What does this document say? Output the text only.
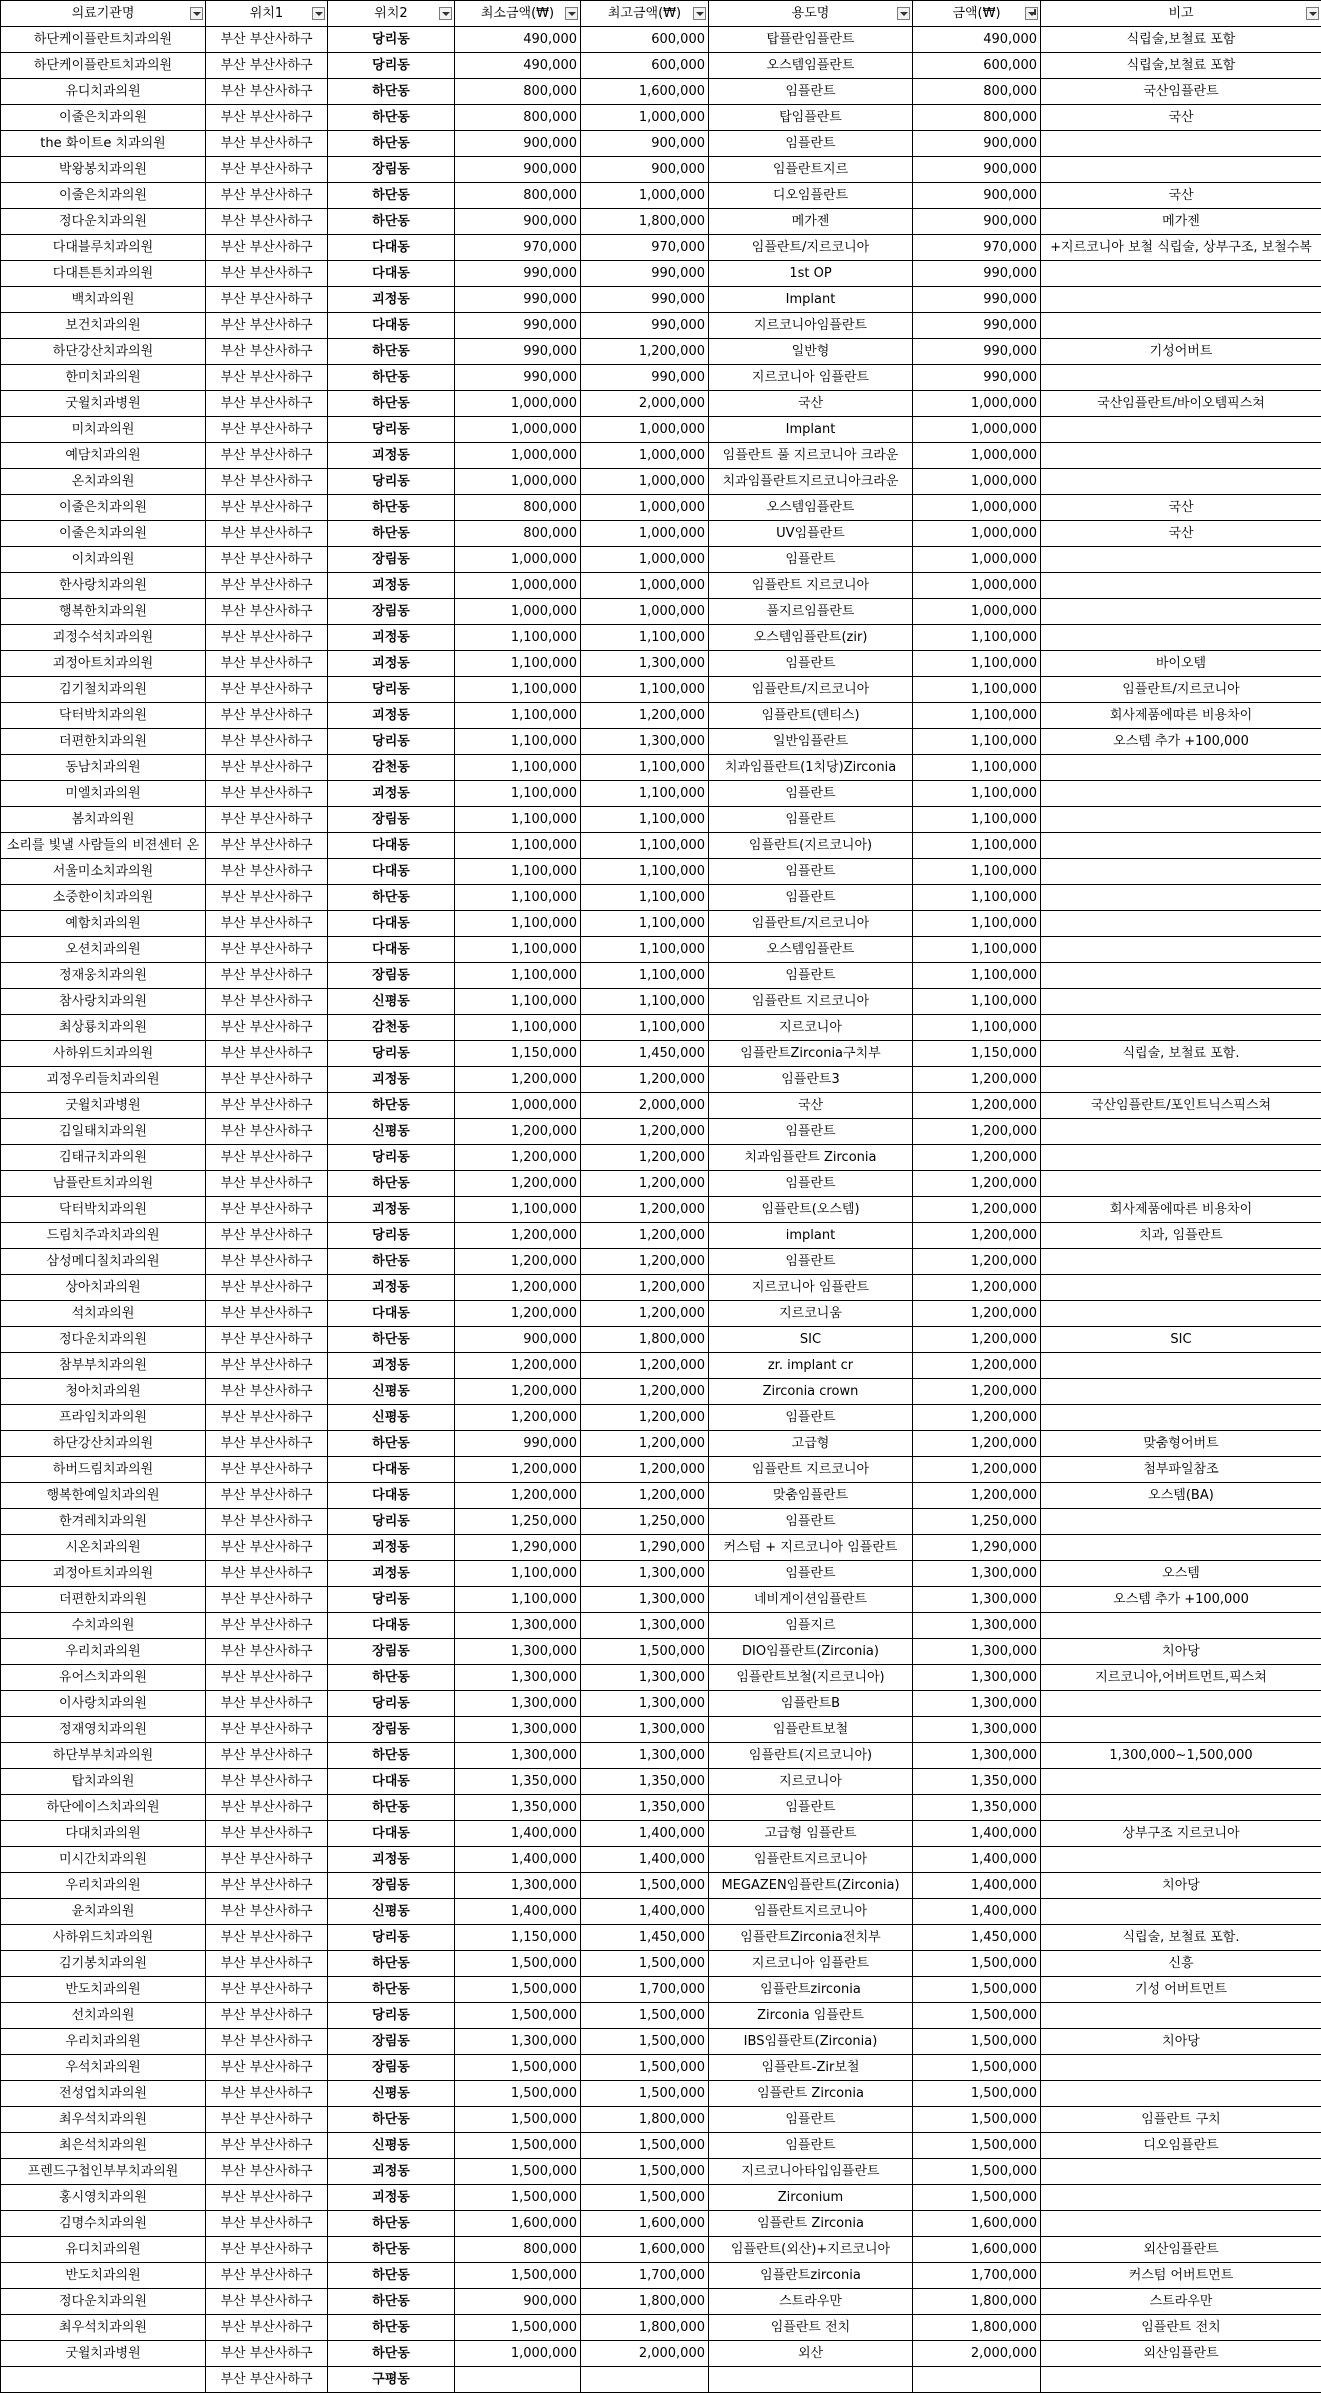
의료기관명	위치1	위치2	최소금액(₩)	최고금액(₩)	용도명	금액(₩)	비고

하단케이플란트치과의원	부산 부산사하구	당리동	490,000	600,000	탑플란임플란트	490,000	식립술,보철료 포함
하단케이플란트치과의원	부산 부산사하구	당리동	490,000	600,000	오스템임플란트	600,000	식립술,보철료 포함
유디치과의원	부산 부산사하구	하단동	800,000	1,600,000	임플란트	800,000	국산임플란트
이줄은치과의원	부산 부산사하구	하단동	800,000	1,000,000	탑임플란트	800,000	국산
the 화이트e 치과의원	부산 부산사하구	하단동	900,000	900,000	임플란트	900,000	
박왕봉치과의원	부산 부산사하구	장림동	900,000	900,000	임플란트지르	900,000	
이줄은치과의원	부산 부산사하구	하단동	800,000	1,000,000	디오임플란트	900,000	국산
정다운치과의원	부산 부산사하구	하단동	900,000	1,800,000	메가젠	900,000	메가젠
다대블루치과의원	부산 부산사하구	다대동	970,000	970,000	임플란트/지르코니아	970,000	+지르코니아 보철 식립술, 상부구조, 보철수복
다대튼튼치과의원	부산 부산사하구	다대동	990,000	990,000	1st OP	990,000	
백치과의원	부산 부산사하구	괴정동	990,000	990,000	Implant	990,000	
보건치과의원	부산 부산사하구	다대동	990,000	990,000	지르코니아임플란트	990,000	
하단강산치과의원	부산 부산사하구	하단동	990,000	1,200,000	일반형	990,000	기성어버트
한미치과의원	부산 부산사하구	하단동	990,000	990,000	지르코니아 임플란트	990,000	
굿윌치과병원	부산 부산사하구	하단동	1,000,000	2,000,000	국산	1,000,000	국산임플란트/바이오템픽스쳐
미치과의원	부산 부산사하구	당리동	1,000,000	1,000,000	Implant	1,000,000	
예담치과의원	부산 부산사하구	괴정동	1,000,000	1,000,000	임플란트 풀 지르코니아 크라운	1,000,000	
온치과의원	부산 부산사하구	당리동	1,000,000	1,000,000	치과임플란트지르코니아크라운	1,000,000	
이줄은치과의원	부산 부산사하구	하단동	800,000	1,000,000	오스템임플란트	1,000,000	국산
이줄은치과의원	부산 부산사하구	하단동	800,000	1,000,000	UV임플란트	1,000,000	국산
이치과의원	부산 부산사하구	장림동	1,000,000	1,000,000	임플란트	1,000,000	
한사랑치과의원	부산 부산사하구	괴정동	1,000,000	1,000,000	임플란트 지르코니아	1,000,000	
행복한치과의원	부산 부산사하구	장림동	1,000,000	1,000,000	풀지르임플란트	1,000,000	
괴정수석치과의원	부산 부산사하구	괴정동	1,100,000	1,100,000	오스템임플란트(zir)	1,100,000	
괴정아트치과의원	부산 부산사하구	괴정동	1,100,000	1,300,000	임플란트	1,100,000	바이오템
김기철치과의원	부산 부산사하구	당리동	1,100,000	1,100,000	임플란트/지르코니아	1,100,000	임플란트/지르코니아
닥터박치과의원	부산 부산사하구	괴정동	1,100,000	1,200,000	임플란트(덴티스)	1,100,000	회사제품에따른 비용차이
더편한치과의원	부산 부산사하구	당리동	1,100,000	1,300,000	일반임플란트	1,100,000	오스템 추가 +100,000
동남치과의원	부산 부산사하구	감천동	1,100,000	1,100,000	치과임플란트(1치당)Zirconia	1,100,000	
미엘치과의원	부산 부산사하구	괴정동	1,100,000	1,100,000	임플란트	1,100,000	
봄치과의원	부산 부산사하구	장림동	1,100,000	1,100,000	임플란트	1,100,000	
소리를 빛낼 사람들의 비젼센터 온	부산 부산사하구	다대동	1,100,000	1,100,000	임플란트(지르코니아)	1,100,000	
서울미소치과의원	부산 부산사하구	다대동	1,100,000	1,100,000	임플란트	1,100,000	
소중한이치과의원	부산 부산사하구	하단동	1,100,000	1,100,000	임플란트	1,100,000	
예함치과의원	부산 부산사하구	다대동	1,100,000	1,100,000	임플란트/지르코니아	1,100,000	
오션치과의원	부산 부산사하구	다대동	1,100,000	1,100,000	오스템임플란트	1,100,000	
정재웅치과의원	부산 부산사하구	장림동	1,100,000	1,100,000	임플란트	1,100,000	
참사랑치과의원	부산 부산사하구	신평동	1,100,000	1,100,000	임플란트 지르코니아	1,100,000	
최상룡치과의원	부산 부산사하구	감천동	1,100,000	1,100,000	지르코니아	1,100,000	
사하위드치과의원	부산 부산사하구	당리동	1,150,000	1,450,000	임플란트Zirconia구치부	1,150,000	식립술, 보철료 포함.
괴정우리들치과의원	부산 부산사하구	괴정동	1,200,000	1,200,000	임플란트3	1,200,000	
굿윌치과병원	부산 부산사하구	하단동	1,000,000	2,000,000	국산	1,200,000	국산임플란트/포인트닉스픽스쳐
김일태치과의원	부산 부산사하구	신평동	1,200,000	1,200,000	임플란트	1,200,000	
김태규치과의원	부산 부산사하구	당리동	1,200,000	1,200,000	치과임플란트 Zirconia	1,200,000	
남플란트치과의원	부산 부산사하구	하단동	1,200,000	1,200,000	임플란트	1,200,000	
닥터박치과의원	부산 부산사하구	괴정동	1,100,000	1,200,000	임플란트(오스템)	1,200,000	회사제품에따른 비용차이
드림치주과치과의원	부산 부산사하구	당리동	1,200,000	1,200,000	implant	1,200,000	치과, 임플란트
삼성메디칠치과의원	부산 부산사하구	하단동	1,200,000	1,200,000	임플란트	1,200,000	
상아치과의원	부산 부산사하구	괴정동	1,200,000	1,200,000	지르코니아 임플란트	1,200,000	
석치과의원	부산 부산사하구	다대동	1,200,000	1,200,000	지르코니움	1,200,000	
정다운치과의원	부산 부산사하구	하단동	900,000	1,800,000	SIC	1,200,000	SIC
참부부치과의원	부산 부산사하구	괴정동	1,200,000	1,200,000	zr. implant cr	1,200,000	
청아치과의원	부산 부산사하구	신평동	1,200,000	1,200,000	Zirconia crown	1,200,000	
프라임치과의원	부산 부산사하구	신평동	1,200,000	1,200,000	임플란트	1,200,000	
하단강산치과의원	부산 부산사하구	하단동	990,000	1,200,000	고급형	1,200,000	맞춤형어버트
하버드림치과의원	부산 부산사하구	다대동	1,200,000	1,200,000	임플란트 지르코니아	1,200,000	첨부파일참조
행복한예일치과의원	부산 부산사하구	다대동	1,200,000	1,200,000	맞춤임플란트	1,200,000	오스템(BA)
한겨레치과의원	부산 부산사하구	당리동	1,250,000	1,250,000	임플란트	1,250,000	
시온치과의원	부산 부산사하구	괴정동	1,290,000	1,290,000	커스텀 + 지르코니아 임플란트	1,290,000	
괴정아트치과의원	부산 부산사하구	괴정동	1,100,000	1,300,000	임플란트	1,300,000	오스템
더편한치과의원	부산 부산사하구	당리동	1,100,000	1,300,000	네비게이션임플란트	1,300,000	오스템 추가 +100,000
수치과의원	부산 부산사하구	다대동	1,300,000	1,300,000	임플지르	1,300,000	
우리치과의원	부산 부산사하구	장림동	1,300,000	1,500,000	DIO임플란트(Zirconia)	1,300,000	치아당
유어스치과의원	부산 부산사하구	하단동	1,300,000	1,300,000	임플란트보철(지르코니아)	1,300,000	지르코니아,어버트먼트,픽스쳐
이사랑치과의원	부산 부산사하구	당리동	1,300,000	1,300,000	임플란트B	1,300,000	
정재영치과의원	부산 부산사하구	장림동	1,300,000	1,300,000	임플란트보철	1,300,000	
하단부부치과의원	부산 부산사하구	하단동	1,300,000	1,300,000	임플란트(지르코니아)	1,300,000	1,300,000~1,500,000
탑치과의원	부산 부산사하구	다대동	1,350,000	1,350,000	지르코니아	1,350,000	
하단에이스치과의원	부산 부산사하구	하단동	1,350,000	1,350,000	임플란트	1,350,000	
다대치과의원	부산 부산사하구	다대동	1,400,000	1,400,000	고급형 임플란트	1,400,000	상부구조 지르코니아
미시간치과의원	부산 부산사하구	괴정동	1,400,000	1,400,000	임플란트지르코니아	1,400,000	
우리치과의원	부산 부산사하구	장림동	1,300,000	1,500,000	MEGAZEN임플란트(Zirconia)	1,400,000	치아당
윤치과의원	부산 부산사하구	신평동	1,400,000	1,400,000	임플란트지르코니아	1,400,000	
사하위드치과의원	부산 부산사하구	당리동	1,150,000	1,450,000	임플란트Zirconia전치부	1,450,000	식립술, 보철료 포함.
김기봉치과의원	부산 부산사하구	하단동	1,500,000	1,500,000	지르코니아 임플란트	1,500,000	신흥
반도치과의원	부산 부산사하구	하단동	1,500,000	1,700,000	임플란트zirconia	1,500,000	기성 어버트먼트
선치과의원	부산 부산사하구	당리동	1,500,000	1,500,000	Zirconia 임플란트	1,500,000	
우리치과의원	부산 부산사하구	장림동	1,300,000	1,500,000	IBS임플란트(Zirconia)	1,500,000	치아당
우석치과의원	부산 부산사하구	장림동	1,500,000	1,500,000	임플란트-Zir보철	1,500,000	
전성업치과의원	부산 부산사하구	신평동	1,500,000	1,500,000	임플란트 Zirconia	1,500,000	
최우석치과의원	부산 부산사하구	하단동	1,500,000	1,800,000	임플란트	1,500,000	임플란트 구치
최은석치과의원	부산 부산사하구	신평동	1,500,000	1,500,000	임플란트	1,500,000	디오임플란트
프렌드구첩인부부치과의원	부산 부산사하구	괴정동	1,500,000	1,500,000	지르코니아타입임플란트	1,500,000	
홍시영치과의원	부산 부산사하구	괴정동	1,500,000	1,500,000	Zirconium	1,500,000	
김명수치과의원	부산 부산사하구	하단동	1,600,000	1,600,000	임플란트 Zirconia	1,600,000	
유디치과의원	부산 부산사하구	하단동	800,000	1,600,000	임플란트(외산)+지르코니아	1,600,000	외산임플란트
반도치과의원	부산 부산사하구	하단동	1,500,000	1,700,000	임플란트zirconia	1,700,000	커스텀 어버트먼트
정다운치과의원	부산 부산사하구	하단동	900,000	1,800,000	스트라우만	1,800,000	스트라우만
최우석치과의원	부산 부산사하구	하단동	1,500,000	1,800,000	임플란트 전치	1,800,000	임플란트 전치
굿윌치과병원	부산 부산사하구	하단동	1,000,000	2,000,000	외산	2,000,000	외산임플란트
	부산 부산사하구	구평동					
